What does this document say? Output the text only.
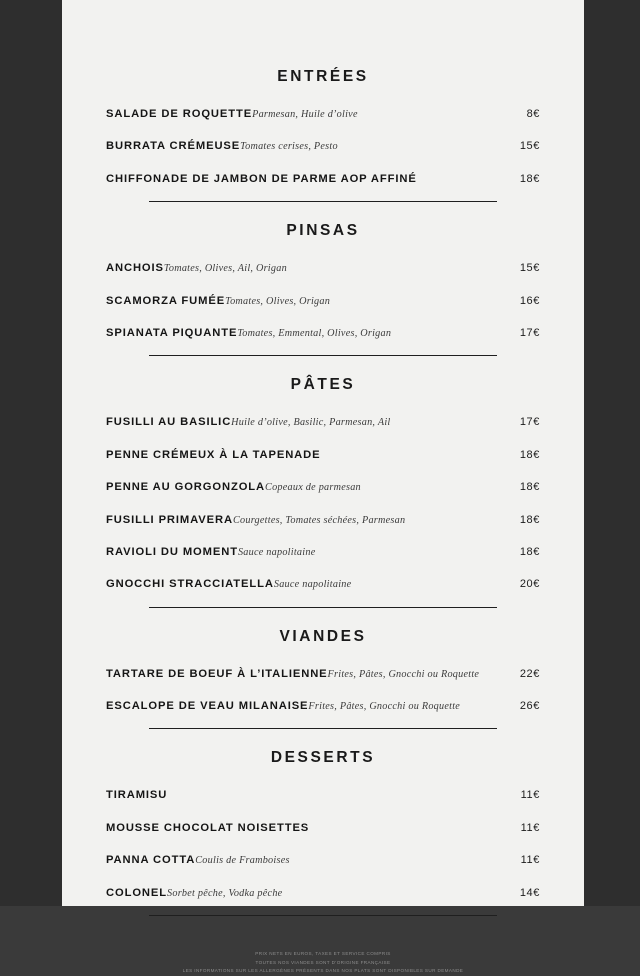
ENTRÉES
SALADE DE ROQUETTEParmesan, Huile d’olive	8€
BURRATA CRÉMEUSETomates cerises, Pesto	15€
CHIFFONADE DE JAMBON DE PARME AOP AFFINÉ	18€
PINSAS
ANCHOISTomates, Olives, Ail, Origan	15€
SCAMORZA FUMÉETomates, Olives, Origan	16€
SPIANATA PIQUANTETomates, Emmental, Olives, Origan	17€
PÂTES
FUSILLI AU BASILICHuile d’olive, Basilic, Parmesan, Ail	17€
PENNE CRÉMEUX À LA TAPENADE	18€
PENNE AU GORGONZOLACopeaux de parmesan	18€
FUSILLI PRIMAVERACourgettes, Tomates séchées, Parmesan	18€
RAVIOLI DU MOMENTSauce napolitaine	18€
GNOCCHI STRACCIATELLASauce napolitaine	20€
VIANDES
TARTARE DE BOEUF À L’ITALIENNEFrites, Pâtes, Gnocchi ou Roquette	22€
ESCALOPE DE VEAU MILANAISEFrites, Pâtes, Gnocchi ou Roquette	26€
DESSERTS
TIRAMISU	11€
MOUSSE CHOCOLAT NOISETTES	11€
PANNA COTTACoulis de Framboises	11€
COLONELSorbet pêche, Vodka pêche	14€
PRIX NETS EN EUROS, TAXES ET SERVICE COMPRIS
TOUTES NOS VIANDES SONT D’ORIGINE FRANÇAISE
LES INFORMATIONS SUR LES ALLERGÈNES PRÉSENTS DANS NOS PLATS SONT DISPONIBLES SUR DEMANDE
